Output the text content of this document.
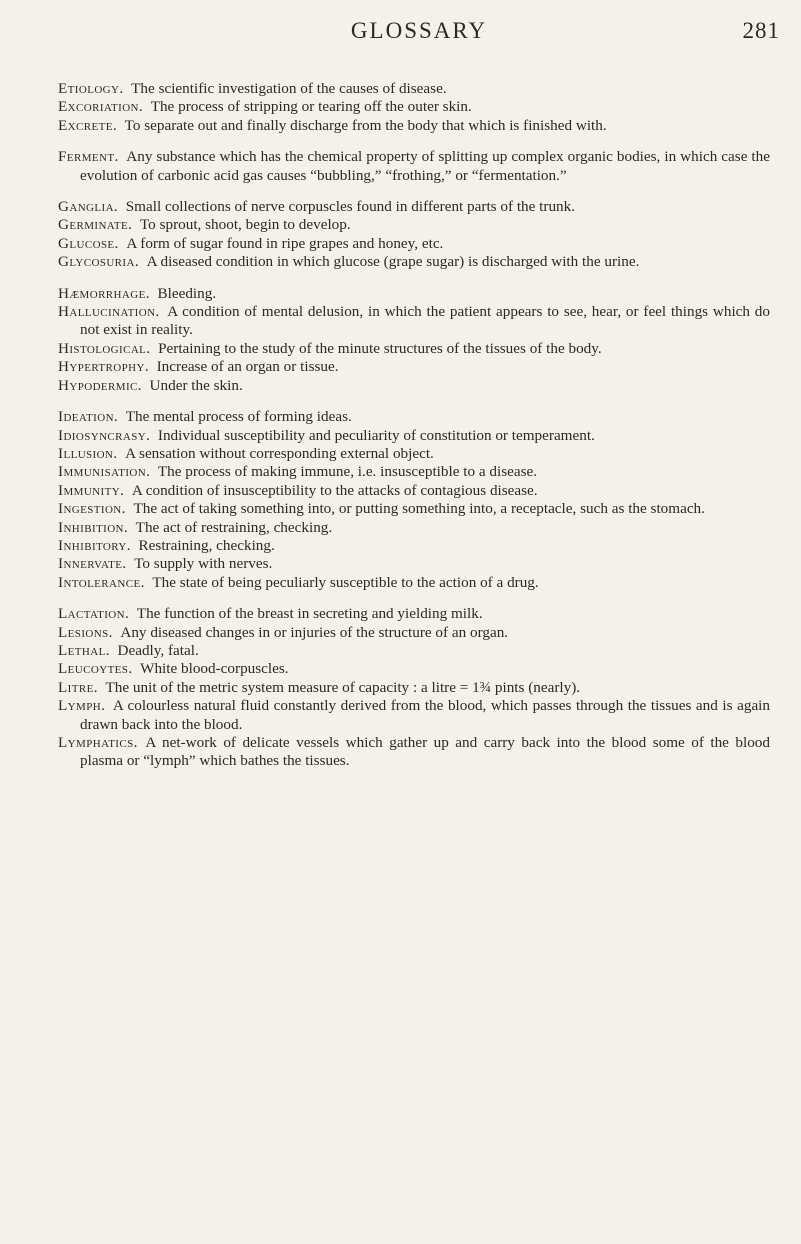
GLOSSARY	281

Etiology.  The scientific investigation of the causes of disease.

Excoriation.  The process of stripping or tearing off the outer skin.

Excrete.  To separate out and finally discharge from the body that which is finished with.

Ferment.  Any substance which has the chemical property of splitting up complex organic bodies, in which case the evolution of carbonic acid gas causes “bubbling,” “frothing,” or “fermentation.”

Ganglia.  Small collections of nerve corpuscles found in different parts of the trunk.

Germinate.  To sprout, shoot, begin to develop.

Glucose.  A form of sugar found in ripe grapes and honey, etc.

Glycosuria.  A diseased condition in which glucose (grape sugar) is discharged with the urine.

Hæmorrhage.  Bleeding.

Hallucination.  A condition of mental delusion, in which the patient appears to see, hear, or feel things which do not exist in reality.

Histological.  Pertaining to the study of the minute structures of the tissues of the body.

Hypertrophy.  Increase of an organ or tissue.

Hypodermic.  Under the skin.

Ideation.  The mental process of forming ideas.

Idiosyncrasy.  Individual susceptibility and peculiarity of constitution or temperament.

Illusion.  A sensation without corresponding external object.

Immunisation.  The process of making immune, i.e. insusceptible to a disease.

Immunity.  A condition of insusceptibility to the attacks of contagious disease.

Ingestion.  The act of taking something into, or putting something into, a receptacle, such as the stomach.

Inhibition.  The act of restraining, checking.

Inhibitory.  Restraining, checking.

Innervate.  To supply with nerves.

Intolerance.  The state of being peculiarly susceptible to the action of a drug.

Lactation.  The function of the breast in secreting and yielding milk.

Lesions.  Any diseased changes in or injuries of the structure of an organ.

Lethal.  Deadly, fatal.

Leucoytes.  White blood-corpuscles.

Litre.  The unit of the metric system measure of capacity : a litre = 1¾ pints (nearly).

Lymph.  A colourless natural fluid constantly derived from the blood, which passes through the tissues and is again drawn back into the blood.

Lymphatics.  A net-work of delicate vessels which gather up and carry back into the blood some of the blood plasma or “lymph” which bathes the tissues.
